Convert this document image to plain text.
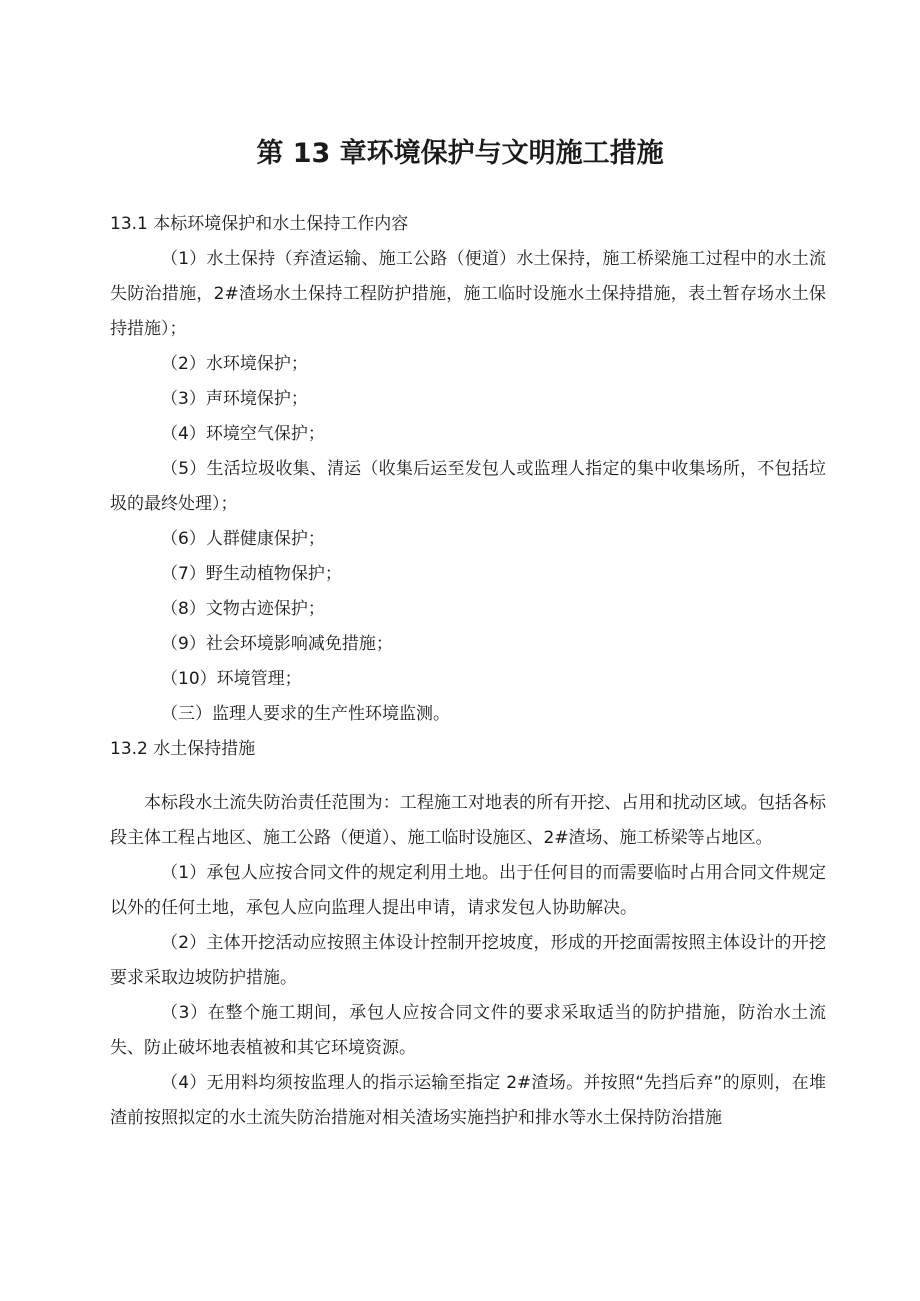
第 13 章环境保护与文明施工措施

13.1 本标环境保护和水土保持工作内容

（1）水土保持（弃渣运输、施工公路（便道）水土保持，施工桥梁施工过程中的水土流失防治措施，2#渣场水土保持工程防护措施，施工临时设施水土保持措施，表土暂存场水土保持措施）；

（2）水环境保护；

（3）声环境保护；

（4）环境空气保护；

（5）生活垃圾收集、清运（收集后运至发包人或监理人指定的集中收集场所，不包括垃圾的最终处理）；

（6）人群健康保护；

（7）野生动植物保护；

（8）文物古迹保护；

（9）社会环境影响减免措施；

（10）环境管理；

（三）监理人要求的生产性环境监测。

13.2 水土保持措施

本标段水土流失防治责任范围为：工程施工对地表的所有开挖、占用和扰动区域。包括各标段主体工程占地区、施工公路（便道）、施工临时设施区、2#渣场、施工桥梁等占地区。

（1）承包人应按合同文件的规定利用土地。出于任何目的而需要临时占用合同文件规定以外的任何土地，承包人应向监理人提出申请，请求发包人协助解决。

（2）主体开挖活动应按照主体设计控制开挖坡度，形成的开挖面需按照主体设计的开挖要求采取边坡防护措施。

（3）在整个施工期间，承包人应按合同文件的要求采取适当的防护措施，防治水土流失、防止破坏地表植被和其它环境资源。

（4）无用料均须按监理人的指示运输至指定 2#渣场。并按照“先挡后弃”的原则，在堆渣前按照拟定的水土流失防治措施对相关渣场实施挡护和排水等水土保持防治措施
